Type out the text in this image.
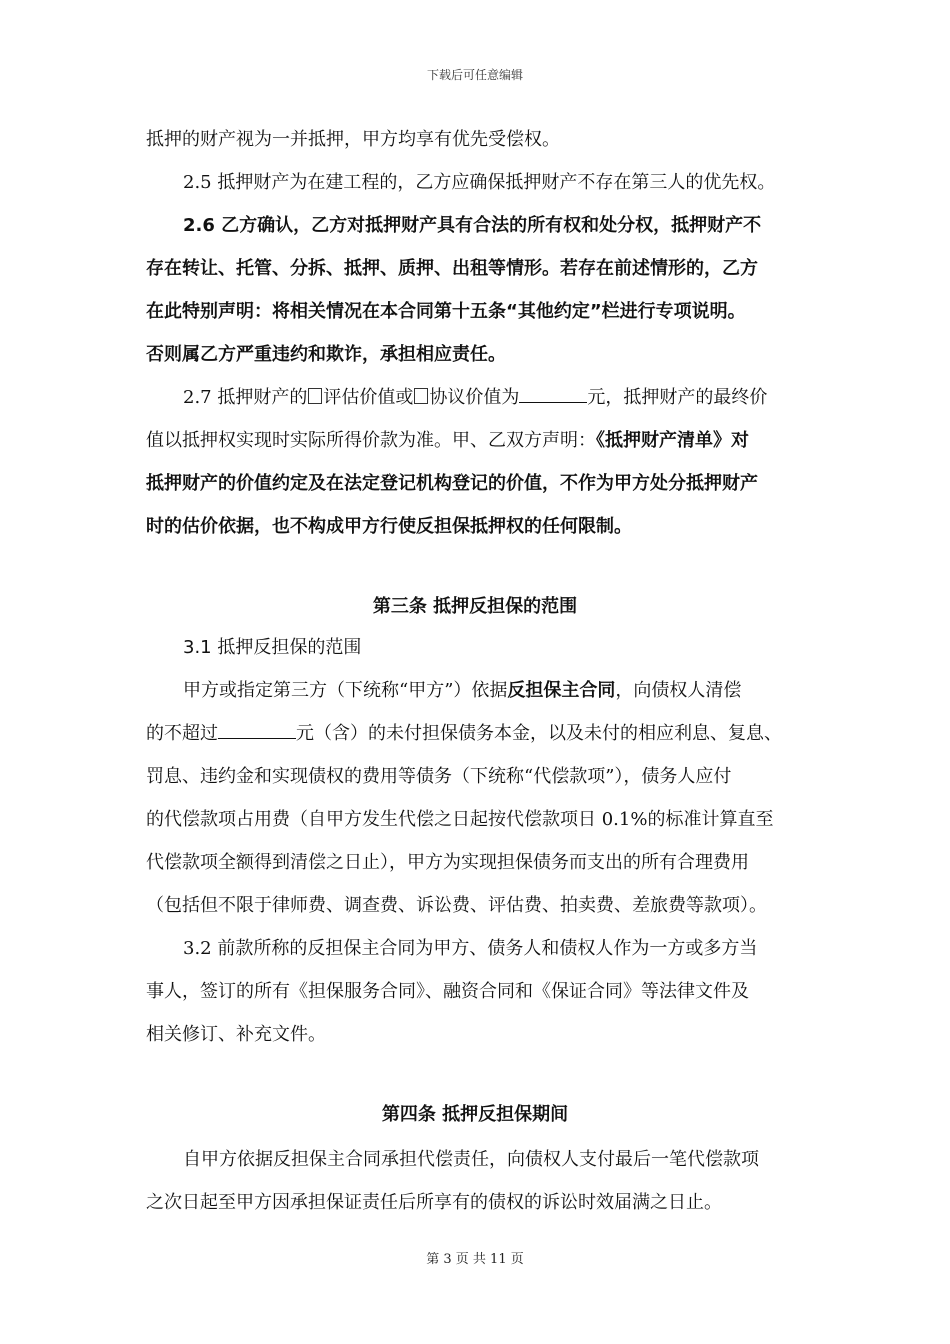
下载后可任意编辑
抵押的财产视为一并抵押，甲方均享有优先受偿权。
2.5 抵押财产为在建工程的，乙方应确保抵押财产不存在第三人的优先权。
2.6 乙方确认，乙方对抵押财产具有合法的所有权和处分权，抵押财产不
存在转让、托管、分拆、抵押、质押、出租等情形。若存在前述情形的，乙方
在此特别声明：将相关情况在本合同第十五条“其他约定”栏进行专项说明。
否则属乙方严重违约和欺诈，承担相应责任。
2.7 抵押财产的 评估价值或 协议价值为	元，抵押财产的最终价
值以抵押权实现时实际所得价款为准。甲、乙双方声明：《抵押财产清单》对
抵押财产的价值约定及在法定登记机构登记的价值，不作为甲方处分抵押财产
时的估价依据，也不构成甲方行使反担保抵押权的任何限制。
第三条 抵押反担保的范围
3.1 抵押反担保的范围
甲方或指定第三方（下统称“甲方”）依据反担保主合同，向债权人清偿
的不超过	元（含）的未付担保债务本金，以及未付的相应利息、复息、
罚息、违约金和实现债权的费用等债务（下统称“代偿款项”），债务人应付
的代偿款项占用费（自甲方发生代偿之日起按代偿款项日 0.1%的标准计算直至
代偿款项全额得到清偿之日止），甲方为实现担保债务而支出的所有合理费用
（包括但不限于律师费、调查费、诉讼费、评估费、拍卖费、差旅费等款项）。
3.2 前款所称的反担保主合同为甲方、债务人和债权人作为一方或多方当
事人，签订的所有《担保服务合同》、融资合同和《保证合同》等法律文件及
相关修订、补充文件。
第四条 抵押反担保期间
自甲方依据反担保主合同承担代偿责任，向债权人支付最后一笔代偿款项
之次日起至甲方因承担保证责任后所享有的债权的诉讼时效届满之日止。
第 3 页 共 11 页
